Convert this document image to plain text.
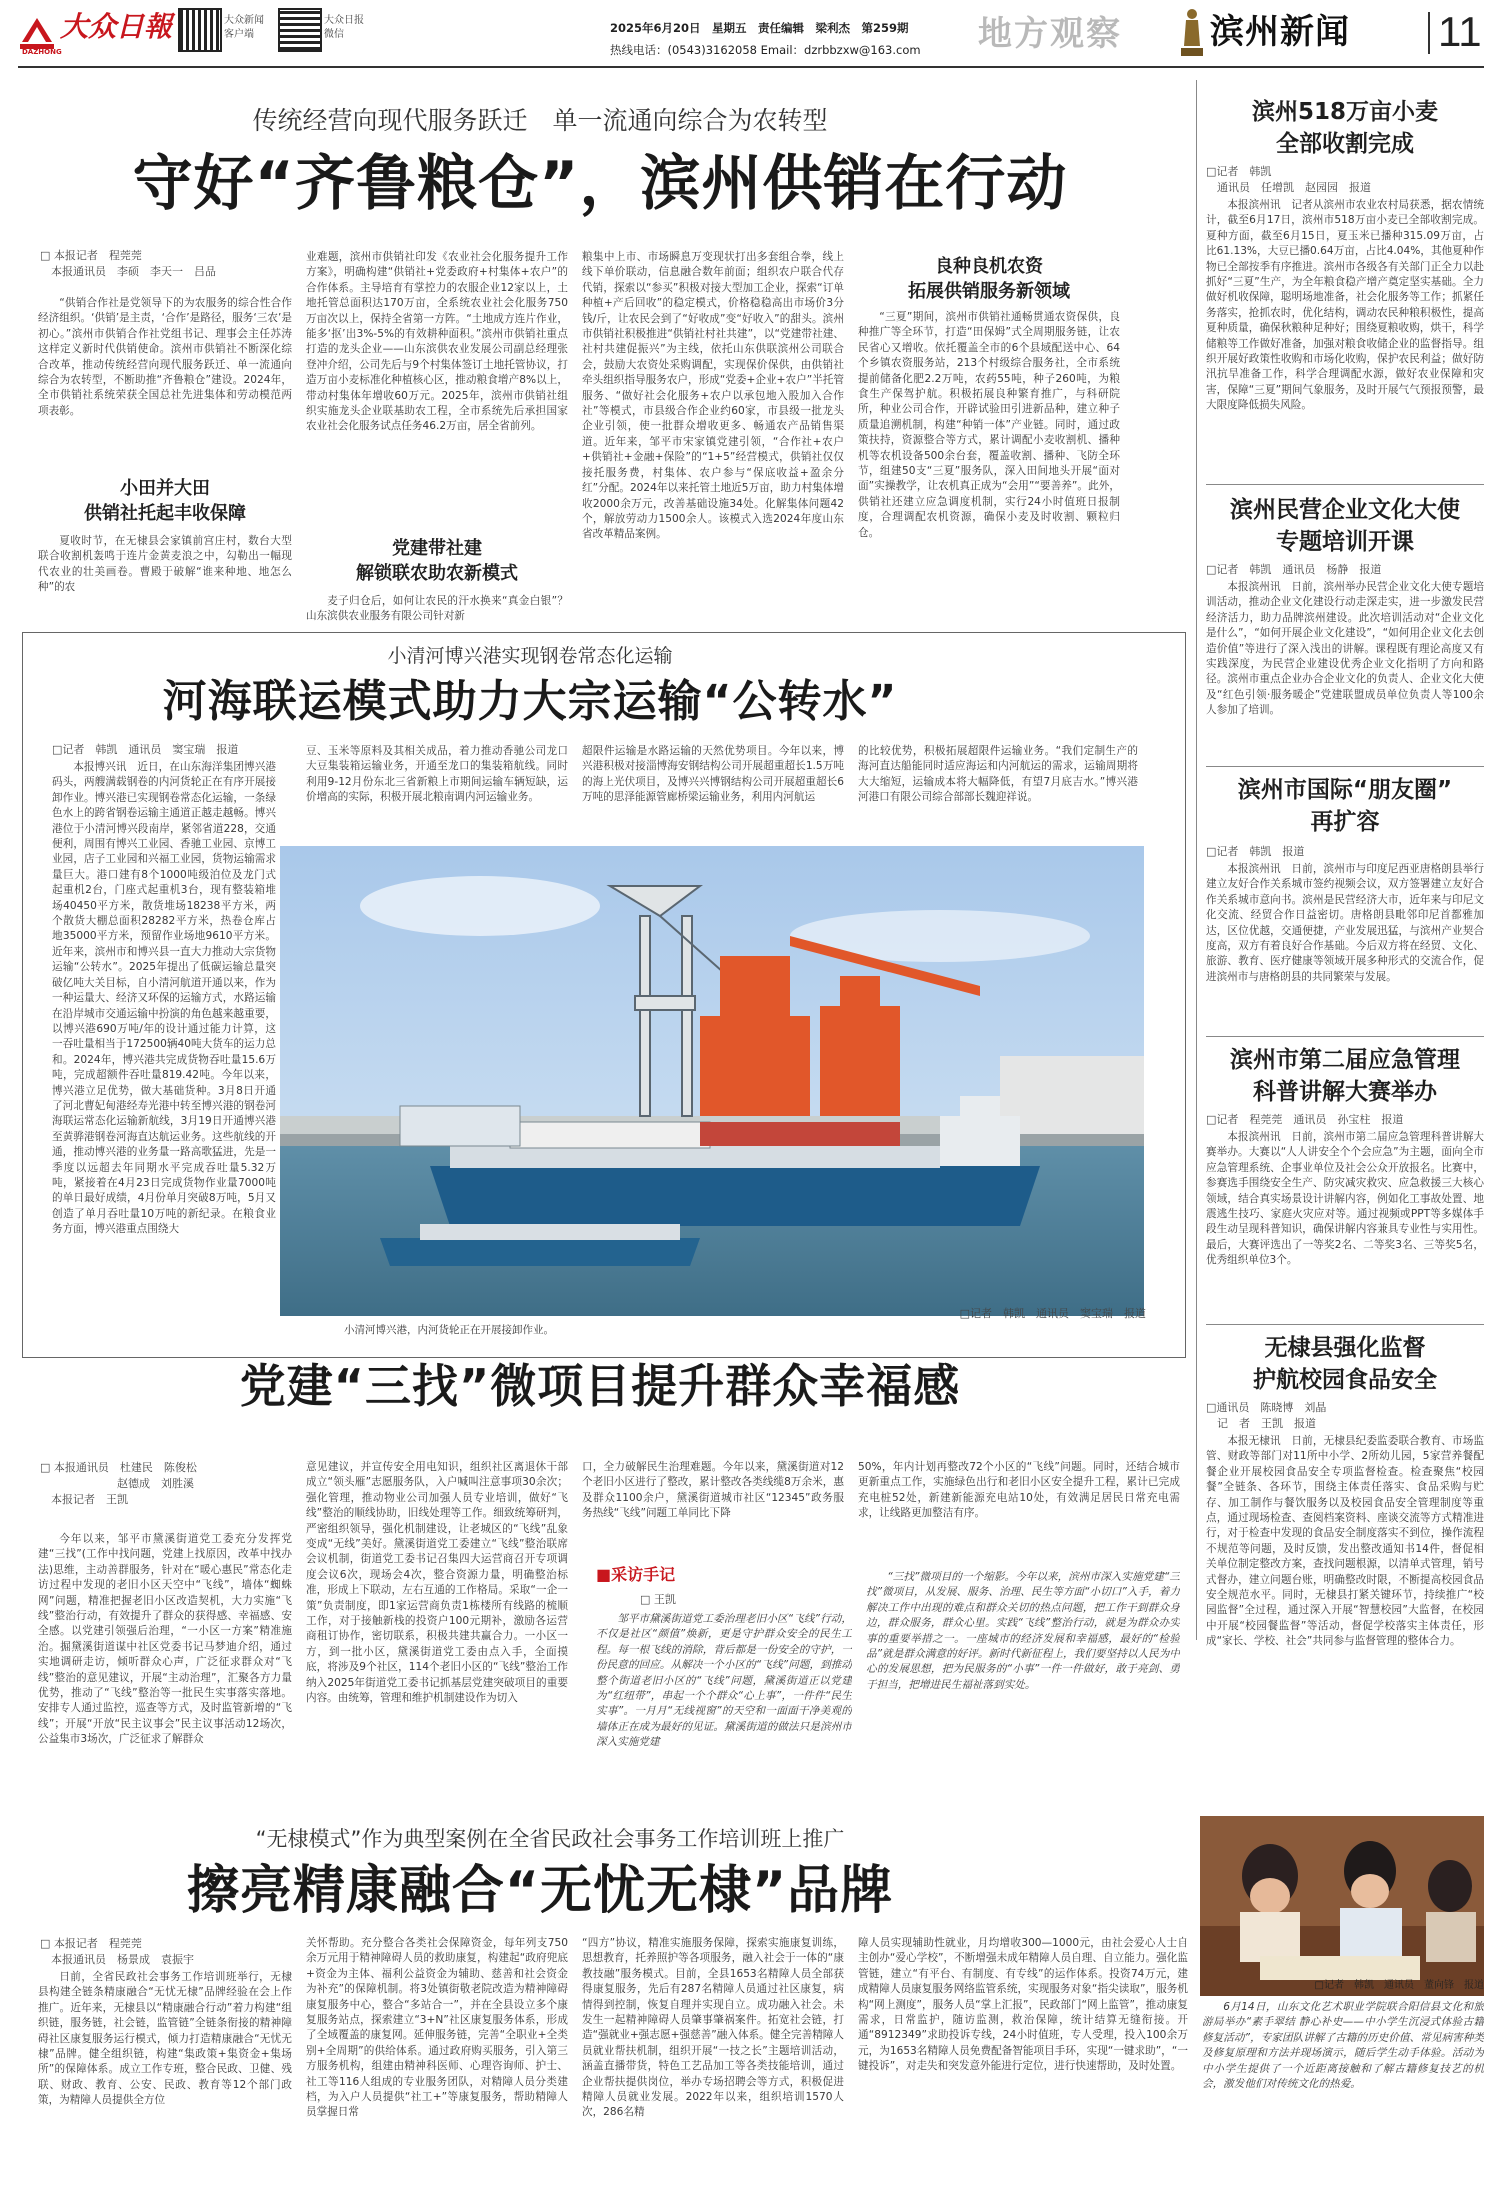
大众日報
DAZHONG
大众新闻
客户端
大众日报
微信	2025年6月20日　星期五　责任编辑　梁利杰　第259期
热线电话：(0543)3162058 Email：dzrbbzxw@163.com 地方观察	滨州新闻 11
传统经营向现代服务跃迁　单一流通向综合为农转型
守好“齐鲁粮仓”，滨州供销在行动
□ 本报记者　程莞莞
　本报通讯员　李硕　李天一　吕品
“供销合作社是党领导下的为农服务的综合性合作经济组织。‘供销’是主责，‘合作’是路径，服务‘三农’是初心。”滨州市供销合作社党组书记、理事会主任苏涛这样定义新时代供销使命。滨州市供销社不断深化综合改革，推动传统经营向现代服务跃迁、单一流通向综合为农转型，不断助推“齐鲁粮仓”建设。2024年，全市供销社系统荣获全国总社先进集体和劳动模范两项表彰。
小田并大田
供销社托起丰收保障
夏收时节，在无棣县会家镇前宫庄村，数台大型联合收割机轰鸣于连片金黄麦浪之中，勾勒出一幅现代农业的壮美画卷。曹殿于破解“谁来种地、地怎么种”的农
业难题，滨州市供销社印发《农业社会化服务提升工作方案》，明确构建“供销社+党委政府+村集体+农户”的合作体系。主导培育有掌控力的农服企业12家以上，土地托管总面积达170万亩，全系统农业社会化服务750万亩次以上，保持全省第一方阵。“土地成方连片作业，能多‘抠’出3%-5%的有效耕种面积。”滨州市供销社重点打造的龙头企业——山东滨供农业发展公司副总经理张登冲介绍，公司先后与9个村集体签订土地托管协议，打造万亩小麦标准化种植核心区，推动粮食增产8%以上，带动村集体年增收60万元。2025年，滨州市供销社组织实施龙头企业联基助农工程，全市系统先后承担国家农业社会化服务试点任务46.2万亩，居全省前列。
党建带社建
解锁联农助农新模式
麦子归仓后，如何让农民的汗水换来“真金白银”？山东滨供农业服务有限公司针对新
粮集中上市、市场瞬息万变现状打出多套组合拳，线上线下单价联动，信息融合数年前面；组织农户联合代存代销，探索以“参买”积极对接大型加工企业，探索“订单种植+产后回收”的稳定模式，价格稳稳高出市场价3分钱/斤，让农民会到了“好收成”变“好收入”的甜头。滨州市供销社积极推进“供销社村社共建”，以“党建带社建、社村共建促振兴”为主线，依托山东供联滨州公司联合会，鼓励大农资处采购调配，实现保价保供，由供销社牵头组织指导服务农户，形成“党委+企业+农户”半托管服务、“做好社会化服务+农户以承包地入股加入合作社”等模式，市县级合作企业约60家，市县级一批龙头企业引领，使一批群众增收更多、畅通农产品销售渠道。近年来，邹平市宋家镇党建引领，“合作社+农户+供销社+金融+保险”的“1+5”经营模式，供销社仅仅接托服务费，村集体、农户参与“保底收益+盈余分红”分配。2024年以来托管土地近5万亩，助力村集体增收2000余万元，改善基础设施34处。化解集体问题42个，解放劳动力1500余人。该模式入选2024年度山东省改革精品案例。
良种良机农资
拓展供销服务新领域
“三夏”期间，滨州市供销社通畅贯通农资保供，良种推广等全环节，打造“田保姆”式全周期服务链，让农民省心又增收。依托覆盖全市的6个县域配送中心、64个乡镇农资服务站，213个村级综合服务社，全市系统提前储备化肥2.2万吨，农药55吨，种子260吨，为粮食生产保驾护航。积极拓展良种繁育推广，与科研院所，种业公司合作，开辟试验田引进新品种，建立种子质量追溯机制，构建“种销一体”产业链。同时，通过政策扶持，资源整合等方式，累计调配小麦收割机、播种机等农机设备500余台套，覆盖收割、播种、飞防全环节，组建50支“三夏”服务队，深入田间地头开展“面对面”实操教学，让农机真正成为“会用”“要善养”。此外，供销社还建立应急调度机制，实行24小时值班日报制度，合理调配农机资源，确保小麦及时收割、颗粒归仓。
滨州518万亩小麦
全部收割完成
□记者　韩凯
　通讯员　任增凯　赵园园　报道
本报滨州讯　记者从滨州市农业农村局获悉，据农情统计，截至6月17日，滨州市518万亩小麦已全部收割完成。夏种方面，截至6月15日，夏玉米已播种315.09万亩，占比61.13%，大豆已播0.64万亩，占比4.04%，其他夏种作物已全部按季有序推进。滨州市各级各有关部门正全力以赴抓好“三夏”生产，为全年粮食稳产增产奠定坚实基础。全力做好机收保障，聪明场地准备，社会化服务等工作；抓紧任务落实，抢抓农时，优化结构，调动农民种粮积极性，提高夏种质量，确保秋粮种足种好；围绕夏粮收购，烘干，科学储粮等工作做好准备，加强对粮食收储企业的监督指导。组织开展好政策性收购和市场化收购，保护农民利益；做好防汛抗旱准备工作，科学合理调配水源，做好农业保障和灾害，保障“三夏”期间气象服务，及时开展气气预报预警，最大限度降低损失风险。
滨州民营企业文化大使
专题培训开课
□记者　韩凯　通讯员　杨静　报道
本报滨州讯　日前，滨州举办民营企业文化大使专题培训活动，推动企业文化建设行动走深走实，进一步激发民营经济活力，助力品牌滨州建设。此次培训活动对“企业文化是什么”，“如何开展企业文化建设”，“如何用企业文化去创造价值”等进行了深入浅出的讲解。课程既有理论高度又有实践深度，为民营企业建设优秀企业文化指明了方向和路径。滨州市重点企业办合企业文化的负责人、企业文化大使及“红色引领·服务暖企”党建联盟成员单位负责人等100余人参加了培训。
滨州市国际“朋友圈”
再扩容
□记者　韩凯　报道
本报滨州讯　日前，滨州市与印度尼西亚唐格朗县举行建立友好合作关系城市签约视频会议，双方签署建立友好合作关系城市意向书。滨州是民营经济大市，近年来与印尼文化交流、经贸合作日益密切。唐格朗县毗邻印尼首都雅加达，区位优越，交通便捷，产业发展迅猛，与滨州产业契合度高，双方有着良好合作基础。今后双方将在经贸、文化、旅游、教育、医疗健康等领域开展多种形式的交流合作，促进滨州市与唐格朗县的共同繁荣与发展。
滨州市第二届应急管理
科普讲解大赛举办
□记者　程莞莞　通讯员　孙宝柱　报道
本报滨州讯　日前，滨州市第二届应急管理科普讲解大赛举办。大赛以“人人讲安全个个会应急”为主题，面向全市应急管理系统、企事业单位及社会公众开放报名。比赛中，参赛选手围绕安全生产、防灾减灾救灾、应急救援三大核心领域，结合真实场景设计讲解内容，例如化工事故处置、地震逃生技巧、家庭火灾应对等。通过视频或PPT等多媒体手段生动呈现科普知识，确保讲解内容兼具专业性与实用性。最后，大赛评选出了一等奖2名、二等奖3名、三等奖5名，优秀组织单位3个。
无棣县强化监督
护航校园食品安全
□通讯员　陈晓博　刘晶
　记　者　王凯　报道
本报无棣讯　日前，无棣县纪委监委联合教育、市场监管、财政等部门对11所中小学、2所幼儿园，5家营养餐配餐企业开展校园食品安全专项监督检查。检查聚焦“校园餐”全链条、各环节，围绕主体责任落实、食品采购与贮存、加工制作与餐饮服务以及校园食品安全管理制度等重点，通过现场检查、查阅档案资料、座谈交流等方式精准进行，对于检查中发现的食品安全制度落实不到位，操作流程不规范等问题，及时反馈，发出整改通知书14件，督促相关单位制定整改方案，查找问题根源，以清单式管理，销号式督办，建立问题台账，明确整改时限，不断提高校园食品安全规范水平。同时，无棣县打紧关键环节，持续推广“校园监督”全过程，通过深入开展“智慧校园”大监督，在校园中开展“校园餐监督”等活动，督促学校落实主体责任，形成“家长、学校、社会”共同参与监督管理的整体合力。
小清河博兴港实现钢卷常态化运输
河海联运模式助力大宗运输“公转水”
□记者　韩凯　通讯员　窦宝瑞　报道
本报博兴讯　近日，在山东海洋集团博兴港码头，两艘满载钢卷的内河货轮正在有序开展接卸作业。博兴港已实现钢卷常态化运输，一条绿色水上的跨省钢卷运输主通道正越走越畅。博兴港位于小清河博兴段南岸，紧邻省道228，交通便利，周围有博兴工业园、香驰工业园、京博工业园，店子工业园和兴福工业园，货物运输需求量巨大。港口建有8个1000吨级泊位及龙门式起重机2台，门座式起重机3台，现有整装箱堆场40450平方米，散货堆场18238平方米，两个散货大棚总面积28282平方米，热卷仓库占地35000平方米，预留作业场地9610平方米。近年来，滨州市和博兴县一直大力推动大宗货物运输“公转水”。2025年提出了低碳运输总量突破亿吨大关目标，自小清河航道开通以来，作为一种运量大、经济又环保的运输方式，水路运输在沿岸城市交通运输中扮演的角色越来越重要，以博兴港690万吨/年的设计通过能力计算，这一吞吐量相当于172500辆40吨大货车的运力总和。2024年，博兴港共完成货物吞吐量15.6万吨，完成超额件吞吐量819.42吨。今年以来，博兴港立足优势，做大基础货种。3月8日开通了河北曹妃甸港经寿光港中转至博兴港的钢卷河海联运常态化运输新航线，3月19日开通博兴港至黄骅港钢卷河海直达航运业务。这些航线的开通，推动博兴港的业务量一路高歌猛进，先是一季度以远超去年同期水平完成吞吐量5.32万吨，紧接着在4月23日完成货物作业量7000吨的单日最好成绩，4月份单月突破8万吨，5月又创造了单月吞吐量10万吨的新纪录。在粮食业务方面，博兴港重点围绕大
豆、玉米等原料及其相关成品，着力推动香驰公司龙口大豆集装箱运输业务，开通至龙口的集装箱航线。同时利用9-12月份东北三省新粮上市期间运输车辆短缺，运价增高的实际，积极开展北粮南调内河运输业务。
超限件运输是水路运输的天然优势项目。今年以来，博兴港积极对接淄博海安钢结构公司开展超重超长1.5万吨的海上光伏项目，及博兴兴博钢结构公司开展超重超长6万吨的思泽能源管廊桥梁运输业务，利用内河航运
的比较优势，积极拓展超限件运输业务。“我们定制生产的海河直达船能同时适应海运和内河航运的需求，运输周期将大大缩短，运输成本将大幅降低，有望7月底吉水。”博兴港河港口有限公司综合部部长魏迎祥说。
小清河博兴港，内河货轮正在开展接卸作业。
□记者　韩凯　通讯员　窦宝瑞　报道
党建“三找”微项目提升群众幸福感
□ 本报通讯员　杜建民　陈俊松
　　　　　　　赵德成　刘胜溪
　本报记者　王凯
今年以来，邹平市黛溪街道党工委充分发挥党建“三找”(工作中找问题，党建上找原因，改革中找办法)思维，主动善群服务，针对在“暖心惠民”常态化走访过程中发现的老旧小区天空中“飞线”，墙体“蜘蛛网”问题，精准把握老旧小区改造契机，大力实施“飞线”整治行动，有效提升了群众的获得感、幸福感、安全感。以党建引领强后治理，“一小区一方案”精准施治。掘黛溪街道谋中社区党委书记马梦迪介绍，通过实地调研走访，倾听群众心声，广泛征求群众对“飞线”整治的意见建议，开展“主动治理”，汇聚各方力量优势，推动了“飞线”整治等一批民生实事落实落地。安排专人通过监控，巡查等方式，及时监管新增的“飞线”；开展“开放“民主议事会”民主议事活动12场次，公益集市3场次，广泛征求了解群众
意见建议，并宣传安全用电知识，组织社区离退休干部成立“领头雁”志愿服务队，入户喊叫注意事项30余次；强化管理，推动物业公司加强人员专业培训，做好“飞线”整治的顺线协助，旧线处理等工作。细致统筹研判，严密组织领导，强化机制建设，让老城区的“飞线”乱象变成“无线”美好。黛溪街道党工委建立“飞线”整治联席会议机制，街道党工委书记召集四大运营商召开专项调度会议6次，现场会4次，整合资源力量，明确整治标准，形成上下联动，左右互通的工作格局。采取“一企一策”负责制度，即1家运营商负责1栋楼所有线路的梳顺工作，对于接触新栈的投资户100元期补，激励各运营商租订协作，密切联系，积极共建共赢合力。一小区一方，到一批小区，黛溪街道党工委由点入手，全面摸底，将涉及9个社区，114个老旧小区的“飞线”整治工作纳入2025年街道党工委书记抓基层党建突破项目的重要内容。由统筹，管理和维护机制建设作为切入
口，全力破解民生治理难题。今年以来，黛溪街道对12个老旧小区进行了整改，累计整改各类线缆8万余米，惠及群众1100余户，黛溪街道城市社区“12345”政务服务热线“飞线”问题工单同比下降
50%，年内计划再整改72个小区的“飞线”问题。同时，还结合城市更新重点工作，实施绿色出行和老旧小区安全提升工程，累计已完成充电桩52处，新建新能源充电站10处，有效满足居民日常充电需求，让线路更加整洁有序。
■采访手记
□ 王凯
邹平市黛溪街道党工委治理老旧小区“飞线”行动，不仅是社区“颜值”焕新，更是守护群众安全的民生工程。每一根飞线的消除，背后都是一份安全的守护，一份民意的回应。从解决一个小区的“飞线”问题，到推动整个街道老旧小区的“飞线”问题，黛溪街道正以党建为“红纽带”，串起一个个群众“心上事”，一件件“民生实事”。一月月“无线视窗”的天空和一面面干净美观的墙体正在成为最好的见证。黛溪街道的做法只是滨州市深入实施党建
“三找”微项目的一个缩影。今年以来，滨州市深入实施党建“三找”微项目，从发展、服务、治理、民生等方面“小切口”入手，着力解决工作中出现的难点和群众关切的热点问题，把工作干到群众身边，群众服务，群众心里。实践“飞线”整治行动，就是为群众办实事的重要举措之一。一座城市的经济发展和幸福感，最好的“检验品”就是群众满意的好评。新时代新征程上，我们要坚持以人民为中心的发展思想，把为民服务的“小事”一件一件做好，敢于亮剑、勇于担当，把增进民生福祉落到实处。
“无棣模式”作为典型案例在全省民政社会事务工作培训班上推广
擦亮精康融合“无忧无棣”品牌
□ 本报记者　程莞莞
　本报通讯员　杨景成　袁振宇
日前，全省民政社会事务工作培训班举行，无棣县构建全链条精康融合“无忧无棣”品牌经验在会上作推广。近年来，无棣县以“精康融合行动”着力构建“组织链，服务链，社会链，监管链”全链条衔接的精神障碍社区康复服务运行模式，倾力打造精康融合“无忧无棣”品牌。健全组织链，构建“集政策+集资金+集场所”的保障体系。成立工作专班，整合民政、卫健、残联、财政、教育、公安、民政、教育等12个部门政策，为精障人员提供全方位
关怀帮助。充分整合各类社会保障资金，每年列支750余万元用于精神障碍人员的救助康复，构建起“政府兜底+资金为主体、福利公益资金为辅助、慈善和社会资金为补充”的保障机制。将3处镇街敬老院改造为精神障碍康复服务中心，整合“多站合一”，并在全县设立多个康复服务站点，探索建立“3+N”社区康复服务体系，形成了全域覆盖的康复网。延伸服务链，完善“全职业+全类别+全周期”的供给体系。通过政府购买服务，引入第三方服务机构，组建由精神科医师、心理咨询师、护士、社工等116人组成的专业服务团队，对精障人员分类建档，为入户人员提供“社工+”等康复服务，帮助精障人员掌握日常
“四方”协议，精准实施服务保障，探索实施康复训练，思想教育，托养照护等各项服务，融入社会于一体的“康教技融”服务模式。目前，全县1653名精障人员全部获得康复服务，先后有287名精障人员通过社区康复，病情得到控制，恢复自理并实现自立。成功融入社会。未发生一起精神障碍人员肇事肇祸案件。拓宽社会链，打造“强就业+强志愿+强慈善”融入体系。健全完善精障人员就业帮扶机制，组织开展“一技之长”主题培训活动，涵盖直播带货，特色工艺品加工等各类技能培训，通过企业帮扶提供岗位，举办专场招聘会等方式，积极促进精障人员就业发展。2022年以来，组织培训1570人次，286名精
障人员实现辅助性就业，月均增收300—1000元，由社会爱心人士自主创办“爱心学校”，不断增强未成年精障人员自理、自立能力。强化监管链，建立“有平台、有制度、有专线”的运作体系。投资74万元，建成精障人员康复服务网络监管系统，实现服务对象“指尖读取”，服务机构“网上测度”，服务人员“掌上汇报”，民政部门“网上监管”，推动康复需求，日常监护，随访监测，救治保障，统计结算无缝衔接。开通“8912349”求助投诉专线，24小时值班，专人受理，投入100余万元，为1653名精障人员免费配备智能项目手环，实现“一键求助”，“一键投诉”，对走失和突发意外能进行定位，进行快速帮助，及时处置。
6月14日，山东文化艺术职业学院联合阳信县文化和旅游局举办“素手翠结 静心补史——中小学生沉浸式体验古籍修复活动”，专家团队讲解了古籍的历史价值、常见病害种类及修复原理和方法并现场演示，随后学生动手体验。活动为中小学生提供了一个近距离接触和了解古籍修复技艺的机会，激发他们对传统文化的热爱。
□记者　韩凯　通讯员　董向锋　报道
